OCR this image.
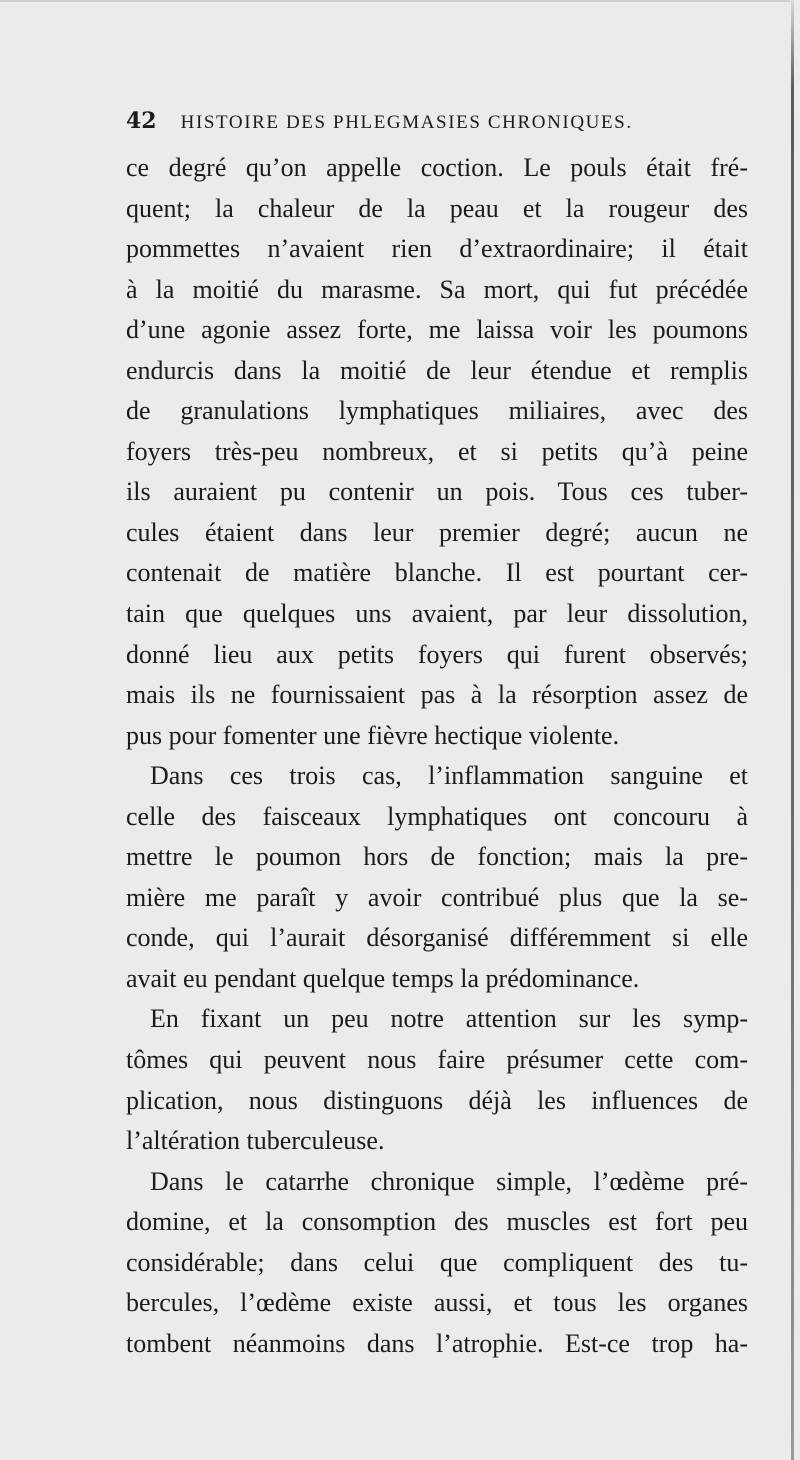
42 HISTOIRE DES PHLEGMASIES CHRONIQUES.
ce degré qu’on appelle coction. Le pouls était fré-
quent; la chaleur de la peau et la rougeur des
pommettes n’avaient rien d’extraordinaire; il était
à la moitié du marasme. Sa mort, qui fut précédée
d’une agonie assez forte, me laissa voir les poumons
endurcis dans la moitié de leur étendue et remplis
de granulations lymphatiques miliaires, avec des
foyers très-peu nombreux, et si petits qu’à peine
ils auraient pu contenir un pois. Tous ces tuber-
cules étaient dans leur premier degré; aucun ne
contenait de matière blanche. Il est pourtant cer-
tain que quelques uns avaient, par leur dissolution,
donné lieu aux petits foyers qui furent observés;
mais ils ne fournissaient pas à la résorption assez de
pus pour fomenter une fièvre hectique violente.
Dans ces trois cas, l’inflammation sanguine et
celle des faisceaux lymphatiques ont concouru à
mettre le poumon hors de fonction; mais la pre-
mière me paraît y avoir contribué plus que la se-
conde, qui l’aurait désorganisé différemment si elle
avait eu pendant quelque temps la prédominance.
En fixant un peu notre attention sur les symp-
tômes qui peuvent nous faire présumer cette com-
plication, nous distinguons déjà les influences de
l’altération tuberculeuse.
Dans le catarrhe chronique simple, l’œdème pré-
domine, et la consomption des muscles est fort peu
considérable; dans celui que compliquent des tu-
bercules, l’œdème existe aussi, et tous les organes
tombent néanmoins dans l’atrophie. Est-ce trop ha-
